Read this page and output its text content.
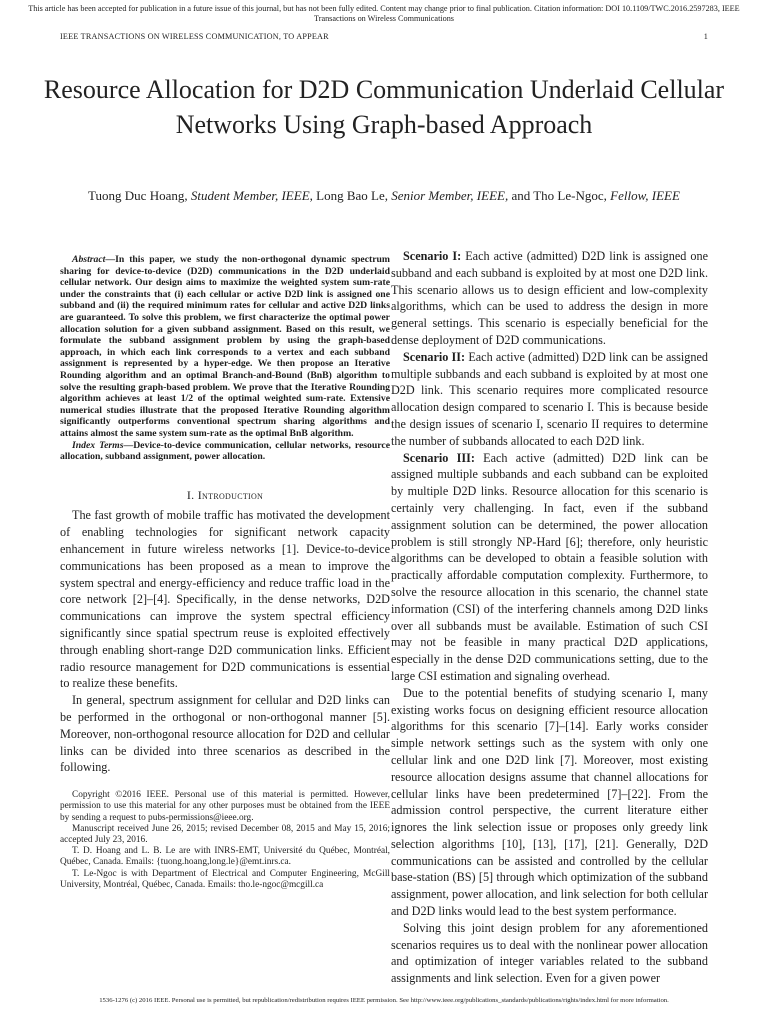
This article has been accepted for publication in a future issue of this journal, but has not been fully edited. Content may change prior to final publication. Citation information: DOI 10.1109/TWC.2016.2597283, IEEE
Transactions on Wireless Communications
IEEE TRANSACTIONS ON WIRELESS COMMUNICATION, TO APPEAR	1
Resource Allocation for D2D Communication Underlaid Cellular Networks Using Graph-based Approach
Tuong Duc Hoang, Student Member, IEEE, Long Bao Le, Senior Member, IEEE, and Tho Le-Ngoc, Fellow, IEEE

Abstract—In this paper, we study the non-orthogonal dynamic spectrum sharing for device-to-device (D2D) communications in the D2D underlaid cellular network. Our design aims to maximize the weighted system sum-rate under the constraints that (i) each cellular or active D2D link is assigned one subband and (ii) the required minimum rates for cellular and active D2D links are guaranteed. To solve this problem, we first characterize the optimal power allocation solution for a given subband assignment. Based on this result, we formulate the subband assignment problem by using the graph-based approach, in which each link corresponds to a vertex and each subband assignment is represented by a hyper-edge. We then propose an Iterative Rounding algorithm and an optimal Branch-and-Bound (BnB) algorithm to solve the resulting graph-based problem. We prove that the Iterative Rounding algorithm achieves at least 1/2 of the optimal weighted sum-rate. Extensive numerical studies illustrate that the proposed Iterative Rounding algorithm significantly outperforms conventional spectrum sharing algorithms and attains almost the same system sum-rate as the optimal BnB algorithm.

Index Terms—Device-to-device communication, cellular networks, resource allocation, subband assignment, power allocation.

I. Introduction

The fast growth of mobile traffic has motivated the development of enabling technologies for significant network capacity enhancement in future wireless networks [1]. Device-to-device communications has been proposed as a mean to improve the system spectral and energy-efficiency and reduce traffic load in the core network [2]–[4]. Specifically, in the dense networks, D2D communications can improve the system spectral efficiency significantly since spatial spectrum reuse is exploited effectively through enabling short-range D2D communication links. Efficient radio resource management for D2D communications is essential to realize these benefits.

In general, spectrum assignment for cellular and D2D links can be performed in the orthogonal or non-orthogonal manner [5]. Moreover, non-orthogonal resource allocation for D2D and cellular links can be divided into three scenarios as described in the following.

Copyright ©2016 IEEE. Personal use of this material is permitted. However, permission to use this material for any other purposes must be obtained from the IEEE by sending a request to pubs-permissions@ieee.org.

Manuscript received June 26, 2015; revised December 08, 2015 and May 15, 2016; accepted July 23, 2016.

T. D. Hoang and L. B. Le are with INRS-EMT, Université du Québec, Montréal, Québec, Canada. Emails: {tuong.hoang,long.le}@emt.inrs.ca.

T. Le-Ngoc is with Department of Electrical and Computer Engineering, McGill University, Montréal, Québec, Canada. Emails: tho.le-ngoc@mcgill.ca

Scenario I: Each active (admitted) D2D link is assigned one subband and each subband is exploited by at most one D2D link. This scenario allows us to design efficient and low-complexity algorithms, which can be used to address the design in more general settings. This scenario is especially beneficial for the dense deployment of D2D communications.

Scenario II: Each active (admitted) D2D link can be assigned multiple subbands and each subband is exploited by at most one D2D link. This scenario requires more complicated resource allocation design compared to scenario I. This is because beside the design issues of scenario I, scenario II requires to determine the number of subbands allocated to each D2D link.

Scenario III: Each active (admitted) D2D link can be assigned multiple subbands and each subband can be exploited by multiple D2D links. Resource allocation for this scenario is certainly very challenging. In fact, even if the subband assignment solution can be determined, the power allocation problem is still strongly NP-Hard [6]; therefore, only heuristic algorithms can be developed to obtain a feasible solution with practically affordable computation complexity. Furthermore, to solve the resource allocation in this scenario, the channel state information (CSI) of the interfering channels among D2D links over all subbands must be available. Estimation of such CSI may not be feasible in many practical D2D applications, especially in the dense D2D communications setting, due to the large CSI estimation and signaling overhead.

Due to the potential benefits of studying scenario I, many existing works focus on designing efficient resource allocation algorithms for this scenario [7]–[14]. Early works consider simple network settings such as the system with only one cellular link and one D2D link [7]. Moreover, most existing resource allocation designs assume that channel allocations for cellular links have been predetermined [7]–[22]. From the admission control perspective, the current literature either ignores the link selection issue or proposes only greedy link selection algorithms [10], [13], [17], [21]. Generally, D2D communications can be assisted and controlled by the cellular base-station (BS) [5] through which optimization of the subband assignment, power allocation, and link selection for both cellular and D2D links would lead to the best system performance.

Solving this joint design problem for any aforementioned scenarios requires us to deal with the nonlinear power allocation and optimization of integer variables related to the subband assignments and link selection. Even for a given power

1536-1276 (c) 2016 IEEE. Personal use is permitted, but republication/redistribution requires IEEE permission. See http://www.ieee.org/publications_standards/publications/rights/index.html for more information.
